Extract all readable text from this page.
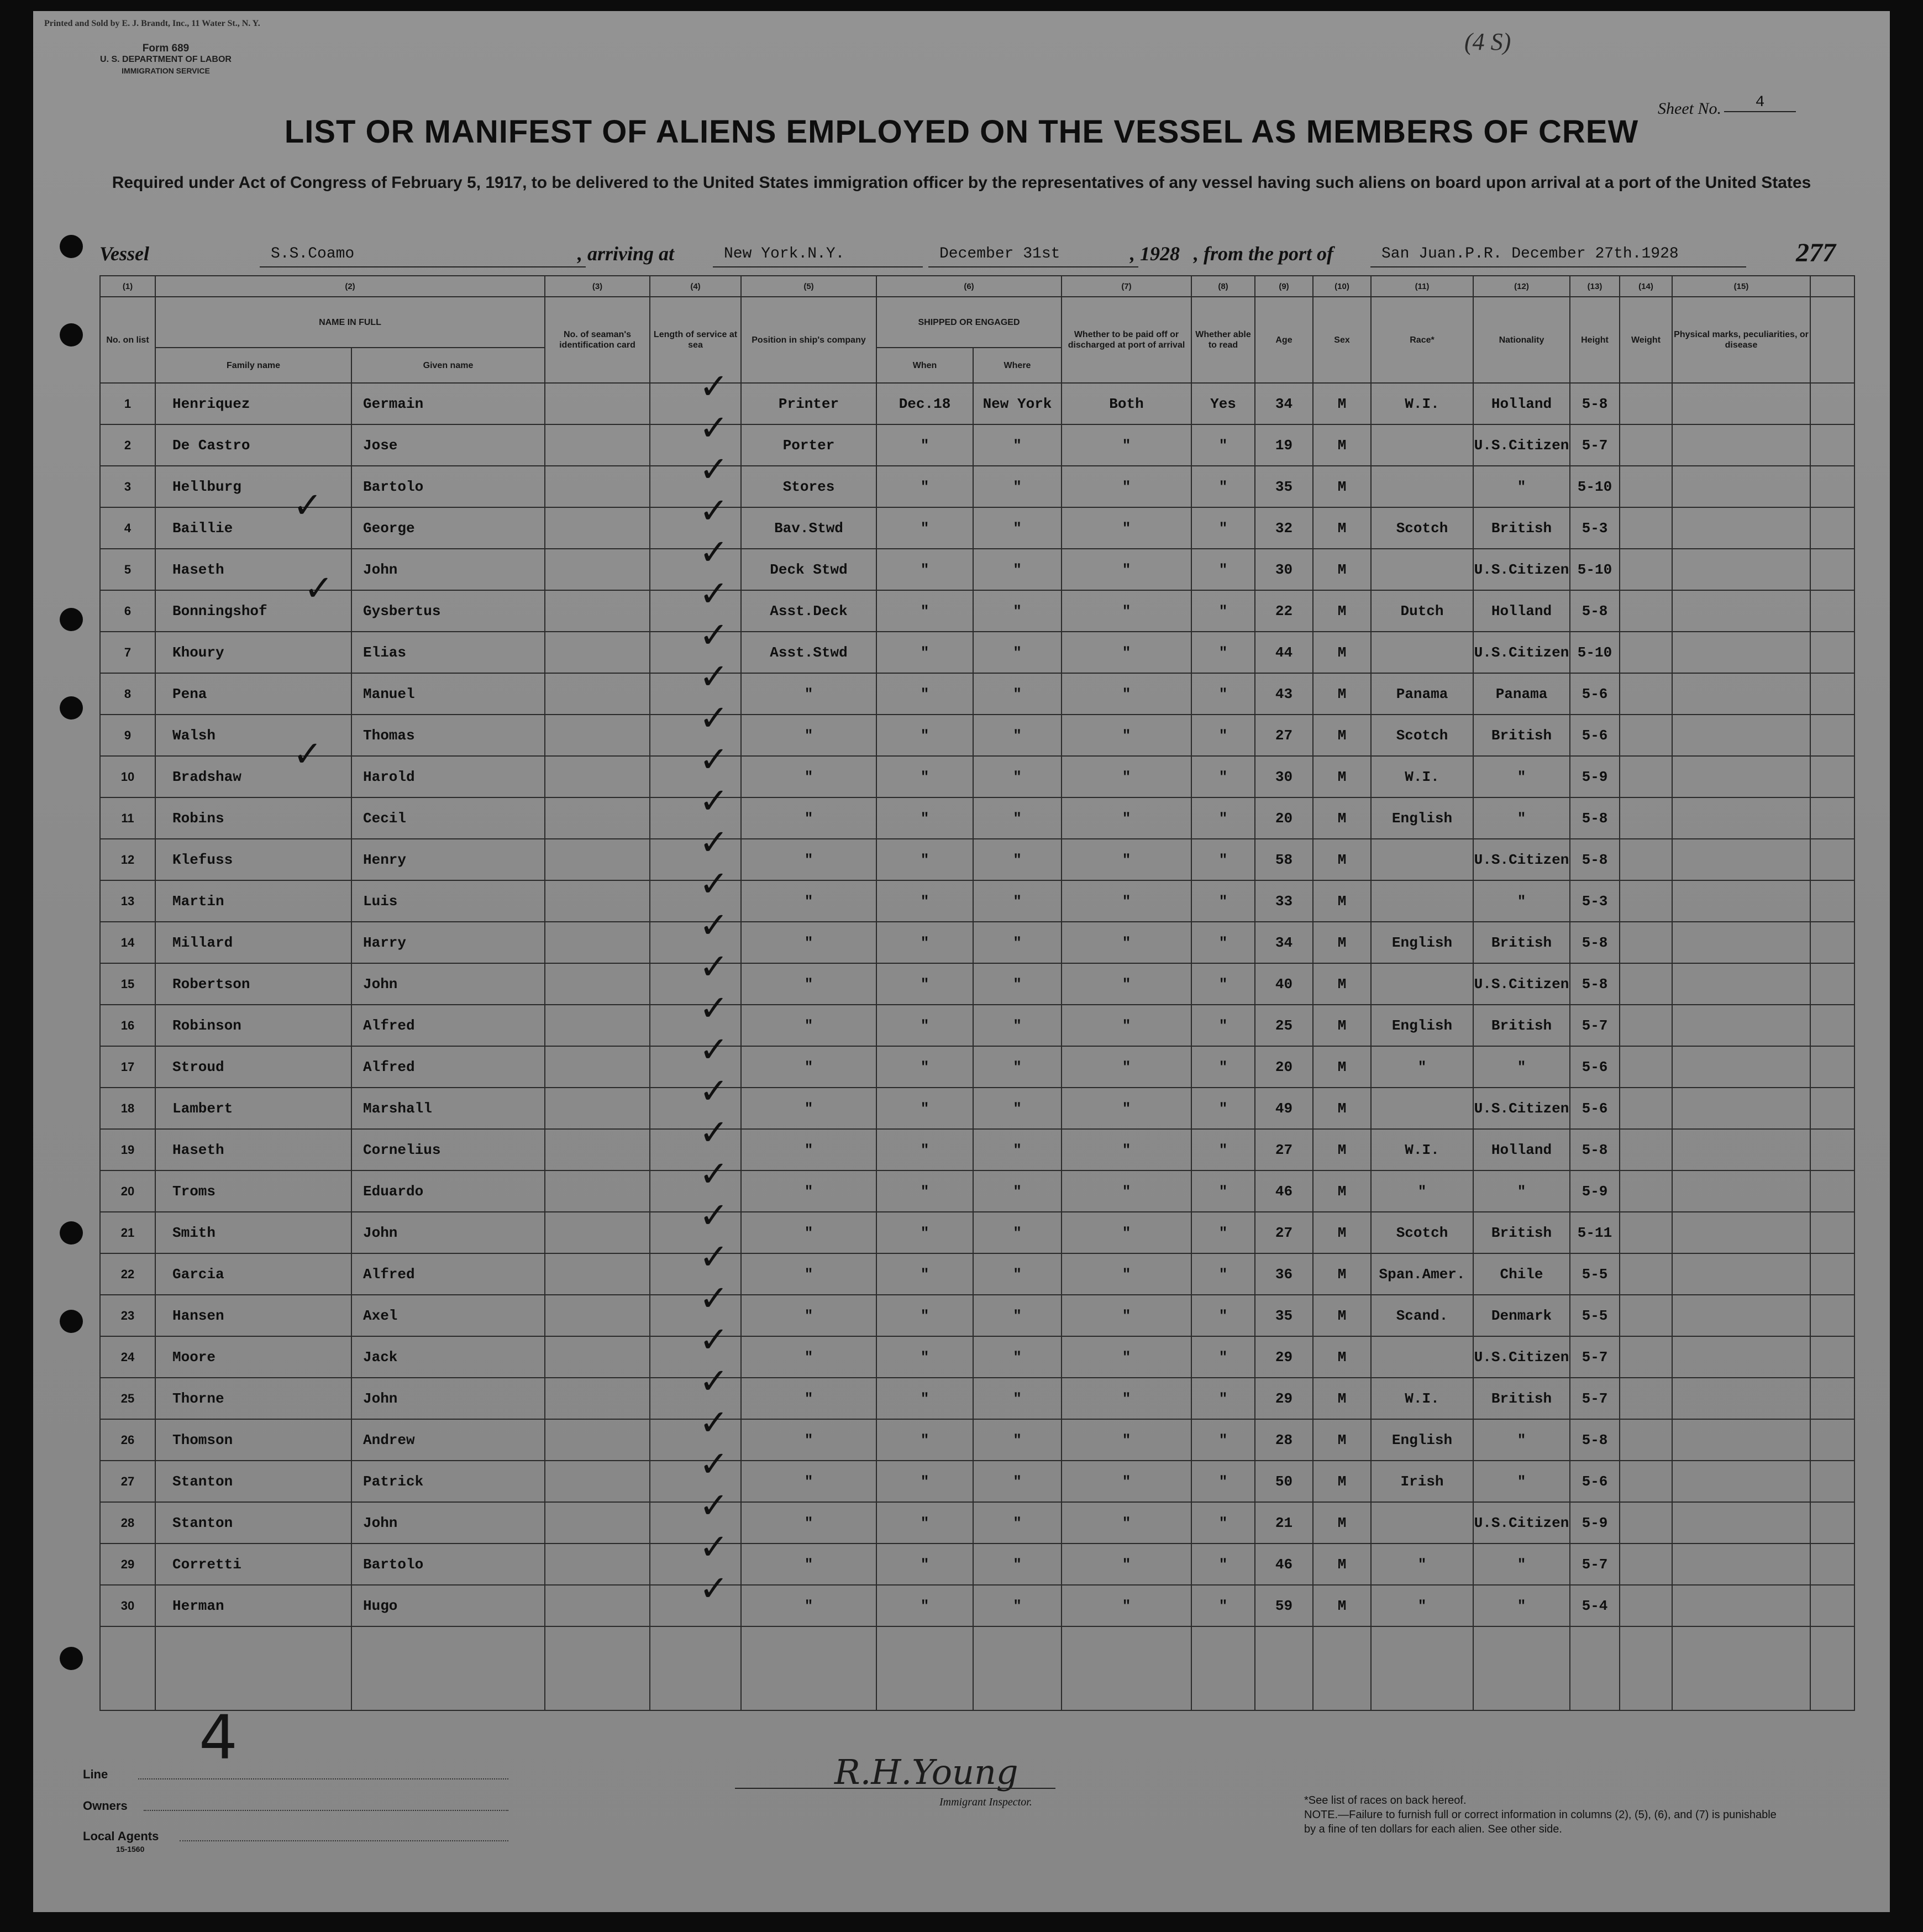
Printed and Sold by E. J. Brandt, Inc., 11 Water St., N. Y.
Form 689
U. S. DEPARTMENT OF LABOR
IMMIGRATION SERVICE
(4 S)
Sheet No.	4
LIST OR MANIFEST OF ALIENS EMPLOYED ON THE VESSEL AS MEMBERS OF CREW
Required under Act of Congress of February 5, 1917, to be delivered to the United States immigration officer by the representatives of any vessel having such aliens on board upon arrival at a port of the United States
Vessel	S.S.Coamo	, arriving at	New York.N.Y.	December 31st	, 1928 , from the port of	San Juan.P.R. December 27th.1928	277
(1)	(2)		(3)	(4)	(5)	(6)		(7)	(8)	(9)	(10)	(11)	(12)	(13)	(14)	(15)	
No. on list	NAME IN FULL		No. of seaman's identification card	Length of service at sea	Position in ship's company	SHIPPED OR ENGAGED		Whether to be paid off or discharged at port of arrival	Whether able to read	Age	Sex	Race*	Nationality	Height	Weight	Physical marks, peculiarities, or disease	
	Family name	Given name				When	Where										
1	Henriquez	Germain			Printer	Dec.18	New York	Both	Yes	34	M	W.I.	Holland	5-8			
2	De Castro	Jose			Porter	"	"	"	"	19	M		U.S.Citizen	5-7			
3	Hellburg	Bartolo			Stores	"	"	"	"	35	M		"	5-10			
4	Baillie	George			Bav.Stwd	"	"	"	"	32	M	Scotch	British	5-3			
5	Haseth	John			Deck Stwd	"	"	"	"	30	M		U.S.Citizen	5-10			
6	Bonningshof	Gysbertus			Asst.Deck	"	"	"	"	22	M	Dutch	Holland	5-8			
7	Khoury	Elias			Asst.Stwd	"	"	"	"	44	M		U.S.Citizen	5-10			
8	Pena	Manuel			"	"	"	"	"	43	M	Panama	Panama	5-6			
9	Walsh	Thomas			"	"	"	"	"	27	M	Scotch	British	5-6			
10	Bradshaw	Harold			"	"	"	"	"	30	M	W.I.	"	5-9			
11	Robins	Cecil			"	"	"	"	"	20	M	English	"	5-8			
12	Klefuss	Henry			"	"	"	"	"	58	M		U.S.Citizen	5-8			
13	Martin	Luis			"	"	"	"	"	33	M		"	5-3			
14	Millard	Harry			"	"	"	"	"	34	M	English	British	5-8			
15	Robertson	John			"	"	"	"	"	40	M		U.S.Citizen	5-8			
16	Robinson	Alfred			"	"	"	"	"	25	M	English	British	5-7			
17	Stroud	Alfred			"	"	"	"	"	20	M	"	"	5-6			
18	Lambert	Marshall			"	"	"	"	"	49	M		U.S.Citizen	5-6			
19	Haseth	Cornelius			"	"	"	"	"	27	M	W.I.	Holland	5-8			
20	Troms	Eduardo			"	"	"	"	"	46	M	"	"	5-9			
21	Smith	John			"	"	"	"	"	27	M	Scotch	British	5-11			
22	Garcia	Alfred			"	"	"	"	"	36	M	Span.Amer.	Chile	5-5			
23	Hansen	Axel			"	"	"	"	"	35	M	Scand.	Denmark	5-5			
24	Moore	Jack			"	"	"	"	"	29	M		U.S.Citizen	5-7			
25	Thorne	John			"	"	"	"	"	29	M	W.I.	British	5-7			
26	Thomson	Andrew			"	"	"	"	"	28	M	English	"	5-8			
27	Stanton	Patrick			"	"	"	"	"	50	M	Irish	"	5-6			
28	Stanton	John			"	"	"	"	"	21	M		U.S.Citizen	5-9			
29	Corretti	Bartolo			"	"	"	"	"	46	M	"	"	5-7			
30	Herman	Hugo			"	"	"	"	"	59	M	"	"	5-4			

✓
✓
✓
✓
✓
✓
✓
✓
✓
✓
✓
✓
✓
✓
✓
✓
✓
✓
✓
✓
✓
✓
✓
✓
✓
✓
✓
✓
✓
✓
✓
✓
✓
4
Line
Owners
Local Agents
15-1560
R.H.Young
Immigrant Inspector.	*See list of races on back hereof.
NOTE.—Failure to furnish full or correct information in columns (2), (5), (6), and (7) is punishable by a fine of ten dollars for each alien. See other side.
